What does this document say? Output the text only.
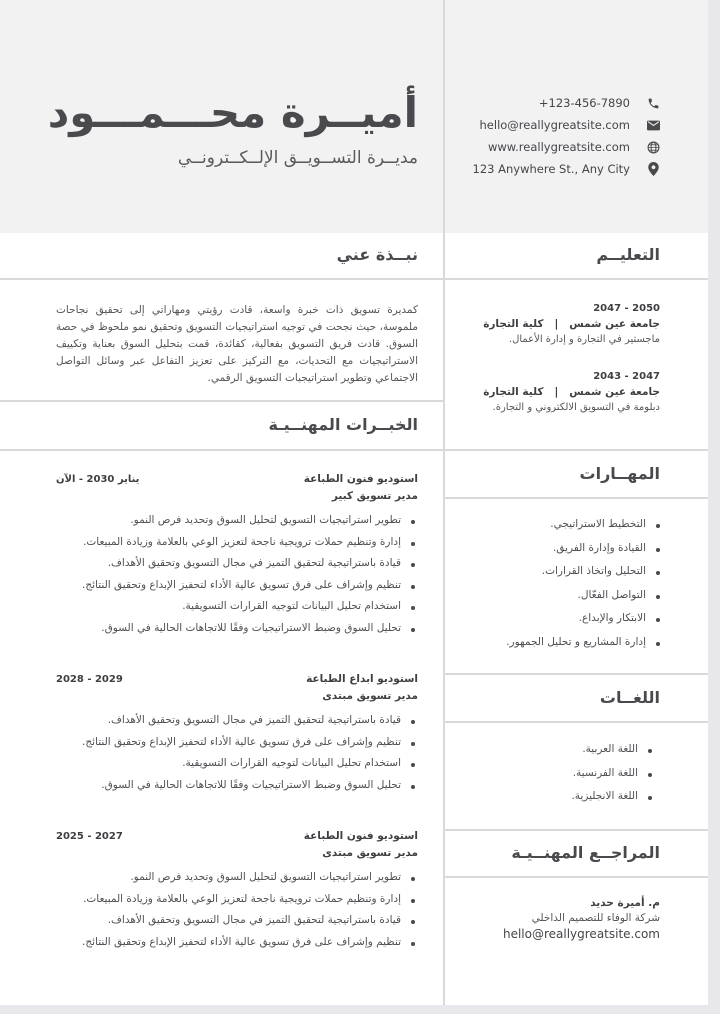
أميــرة محـــمـــود
مديــرة التســويــق الإلــكــترونــي
+123-456-7890
hello@reallygreatsite.com
www.reallygreatsite.com
123 Anywhere St., Any City
نبــذة عني	التعليــم
الخبــرات المهنــيـة
المهــارات
اللغــات
المراجــع المهنــيـة

كمديرة تسويق ذات خبرة واسعة، قادت رؤيتي ومهاراتي إلى تحقيق نجاحات ملموسة، حيث نجحت في توجيه استراتيجيات التسويق وتحقيق نمو ملحوظ في حصة السوق. قادت فريق التسويق بفعالية، كقائدة، قمت بتحليل السوق بعناية وتكييف الاستراتيجيات مع التحديات، مع التركيز على تعزيز التفاعل عبر وسائل التواصل الاجتماعي وتطوير استراتيجيات التسويق الرقمي.

2047 - 2050
جامعة عين شمس   |   كلية التجارة
ماجستير في التجارة و إدارة الأعمال.
2043 - 2047
جامعة عين شمس   |   كلية التجارة
دبلومة في التسويق الالكتروني و التجارة.
التخطيط الاستراتيجي.
القيادة وإدارة الفريق.
التحليل واتخاذ القرارات.
التواصل الفعّال.
الابتكار والإبداع.
إدارة المشاريع و تحليل الجمهور.
اللغة العربية.
اللغة الفرنسية.
اللغة الانجليزية.
م. أميرة حديد
شركة الوفاء للتصميم الداخلي
hello@reallygreatsite.com
استوديو فنون الطباعة
يناير 2030 - الآن
مدير تسويق كبير
تطوير استراتيجيات التسويق لتحليل السوق وتحديد فرص النمو.
إدارة وتنظيم حملات ترويجية ناجحة لتعزيز الوعي بالعلامة وزيادة المبيعات.
قيادة باستراتيجية لتحقيق التميز في مجال التسويق وتحقيق الأهداف.
تنظيم وإشراف على فرق تسويق عالية الأداء لتحفيز الإبداع وتحقيق النتائج.
استخدام تحليل البيانات لتوجيه القرارات التسويقية.
تحليل السوق وضبط الاستراتيجيات وفقًا للاتجاهات الحالية في السوق.
استوديو ابداع الطباعة
2028 - 2029
مدير تسويق مبتدى
قيادة باستراتيجية لتحقيق التميز في مجال التسويق وتحقيق الأهداف.
تنظيم وإشراف على فرق تسويق عالية الأداء لتحفيز الإبداع وتحقيق النتائج.
استخدام تحليل البيانات لتوجيه القرارات التسويقية.
تحليل السوق وضبط الاستراتيجيات وفقًا للاتجاهات الحالية في السوق.
استوديو فنون الطباعة
2025 - 2027
مدير تسويق مبتدى
تطوير استراتيجيات التسويق لتحليل السوق وتحديد فرص النمو.
إدارة وتنظيم حملات ترويجية ناجحة لتعزيز الوعي بالعلامة وزيادة المبيعات.
قيادة باستراتيجية لتحقيق التميز في مجال التسويق وتحقيق الأهداف.
تنظيم وإشراف على فرق تسويق عالية الأداء لتحفيز الإبداع وتحقيق النتائج.
